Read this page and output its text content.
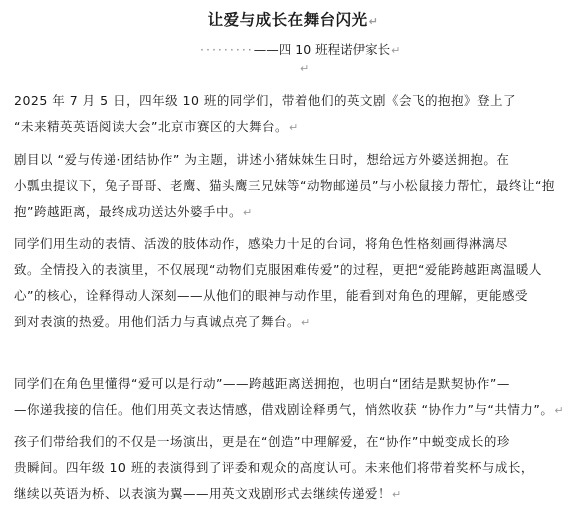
让爱与成长在舞台闪光↵
·········——四 10 班程诺伊家长↵
↵
2025 年 7 月 5 日，四年级 10 班的同学们，带着他们的英文剧《会飞的抱抱》登上了
“未来精英英语阅读大会”北京市赛区的大舞台。↵
剧目以 “爱与传递·团结协作” 为主题，讲述小猪妹妹生日时，想给远方外婆送拥抱。在
小瓢虫提议下，兔子哥哥、老鹰、猫头鹰三兄妹等“动物邮递员”与小松鼠接力帮忙，最终让“抱
抱”跨越距离，最终成功送达外婆手中。↵
同学们用生动的表情、活泼的肢体动作，感染力十足的台词，将角色性格刻画得淋漓尽
致。全情投入的表演里，不仅展现“动物们克服困难传爱”的过程，更把“爱能跨越距离温暖人
心”的核心，诠释得动人深刻——从他们的眼神与动作里，能看到对角色的理解，更能感受
到对表演的热爱。用他们活力与真诚点亮了舞台。↵
同学们在角色里懂得“爱可以是行动”——跨越距离送拥抱，也明白“团结是默契协作”—
—你递我接的信任。他们用英文表达情感，借戏剧诠释勇气，悄然收获 “协作力”与“共情力”。↵
孩子们带给我们的不仅是一场演出，更是在“创造”中理解爱，在“协作”中蜕变成长的珍
贵瞬间。四年级 10 班的表演得到了评委和观众的高度认可。未来他们将带着奖杯与成长，
继续以英语为桥、以表演为翼——用英文戏剧形式去继续传递爱！↵
